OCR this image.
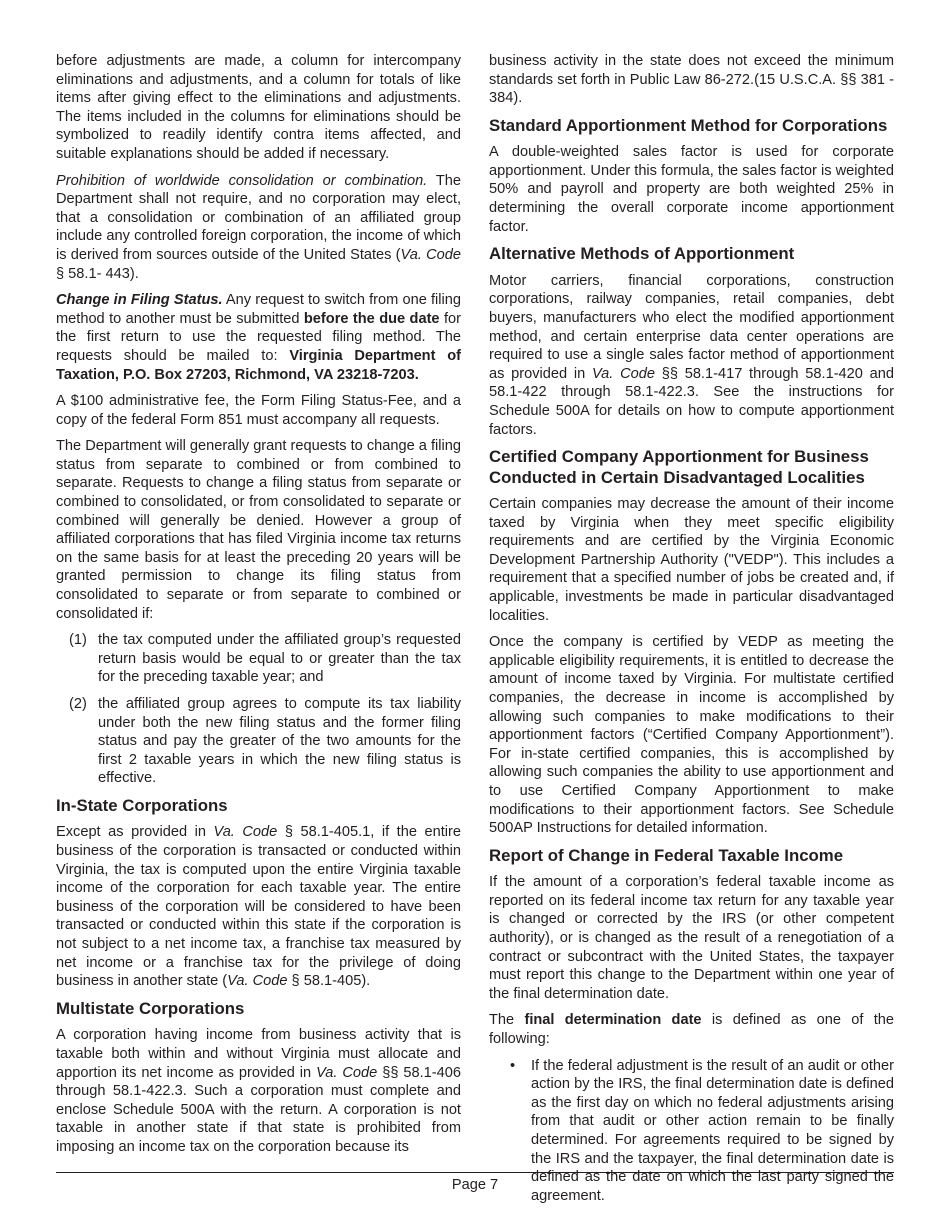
before adjustments are made, a column for intercompany eliminations and adjustments, and a column for totals of like items after giving effect to the eliminations and adjustments. The items included in the columns for eliminations should be symbolized to readily identify contra items affected, and suitable explanations should be added if necessary.

Prohibition of worldwide consolidation or combination. The Department shall not require, and no corporation may elect, that a consolidation or combination of an affiliated group include any controlled foreign corporation, the income of which is derived from sources outside of the United States (Va. Code § 58.1- 443).

Change in Filing Status. Any request to switch from one filing method to another must be submitted before the due date for the first return to use the requested filing method. The requests should be mailed to: Virginia Department of Taxation, P.O. Box 27203, Richmond, VA 23218-7203.

A $100 administrative fee, the Form Filing Status-Fee, and a copy of the federal Form 851 must accompany all requests.

The Department will generally grant requests to change a filing status from separate to combined or from combined to separate. Requests to change a filing status from separate or combined to consolidated, or from consolidated to separate or combined will generally be denied. However a group of affiliated corporations that has filed Virginia income tax returns on the same basis for at least the preceding 20 years will be granted permission to change its filing status from consolidated to separate or from separate to combined or consolidated if:

(1) the tax computed under the affiliated group’s requested return basis would be equal to or greater than the tax for the preceding taxable year; and
(2) the affiliated group agrees to compute its tax liability under both the new filing status and the former filing status and pay the greater of the two amounts for the first 2 taxable years in which the new filing status is effective.
In-State Corporations

Except as provided in Va. Code § 58.1-405.1, if the entire business of the corporation is transacted or conducted within Virginia, the tax is computed upon the entire Virginia taxable income of the corporation for each taxable year. The entire business of the corporation will be considered to have been transacted or conducted within this state if the corporation is not subject to a net income tax, a franchise tax measured by net income or a franchise tax for the privilege of doing business in another state (Va. Code § 58.1-405).

Multistate Corporations

A corporation having income from business activity that is taxable both within and without Virginia must allocate and apportion its net income as provided in Va. Code §§ 58.1-406 through 58.1-422.3. Such a corporation must complete and enclose Schedule 500A with the return. A corporation is not taxable in another state if that state is prohibited from imposing an income tax on the corporation because its

business activity in the state does not exceed the minimum standards set forth in Public Law 86-272.(15 U.S.C.A. §§ 381 - 384).

Standard Apportionment Method for Corporations

A double-weighted sales factor is used for corporate apportionment. Under this formula, the sales factor is weighted 50% and payroll and property are both weighted 25% in determining the overall corporate income apportionment factor.

Alternative Methods of Apportionment

Motor carriers, financial corporations, construction corporations, railway companies, retail companies, debt buyers, manufacturers who elect the modified apportionment method, and certain enterprise data center operations are required to use a single sales factor method of apportionment as provided in Va. Code §§ 58.1-417 through 58.1-420 and 58.1-422 through 58.1-422.3. See the instructions for Schedule 500A for details on how to compute apportionment factors.

Certified Company Apportionment for Business Conducted in Certain Disadvantaged Localities

Certain companies may decrease the amount of their income taxed by Virginia when they meet specific eligibility requirements and are certified by the Virginia Economic Development Partnership Authority ("VEDP"). This includes a requirement that a specified number of jobs be created and, if applicable, investments be made in particular disadvantaged localities.

Once the company is certified by VEDP as meeting the applicable eligibility requirements, it is entitled to decrease the amount of income taxed by Virginia. For multistate certified companies, the decrease in income is accomplished by allowing such companies to make modifications to their apportionment factors (“Certified Company Apportionment”). For in-state certified companies, this is accomplished by allowing such companies the ability to use apportionment and to use Certified Company Apportionment to make modifications to their apportionment factors. See Schedule 500AP Instructions for detailed information.

Report of Change in Federal Taxable Income

If the amount of a corporation’s federal taxable income as reported on its federal income tax return for any taxable year is changed or corrected by the IRS (or other competent authority), or is changed as the result of a renegotiation of a contract or subcontract with the United States, the taxpayer must report this change to the Department within one year of the final determination date.

The final determination date is defined as one of the following:

• If the federal adjustment is the result of an audit or other action by the IRS, the final determination date is defined as the first day on which no federal adjustments arising from that audit or other action remain to be finally determined. For agreements required to be signed by the IRS and the taxpayer, the final determination date is defined as the date on which the last party signed the agreement.
Page 7
